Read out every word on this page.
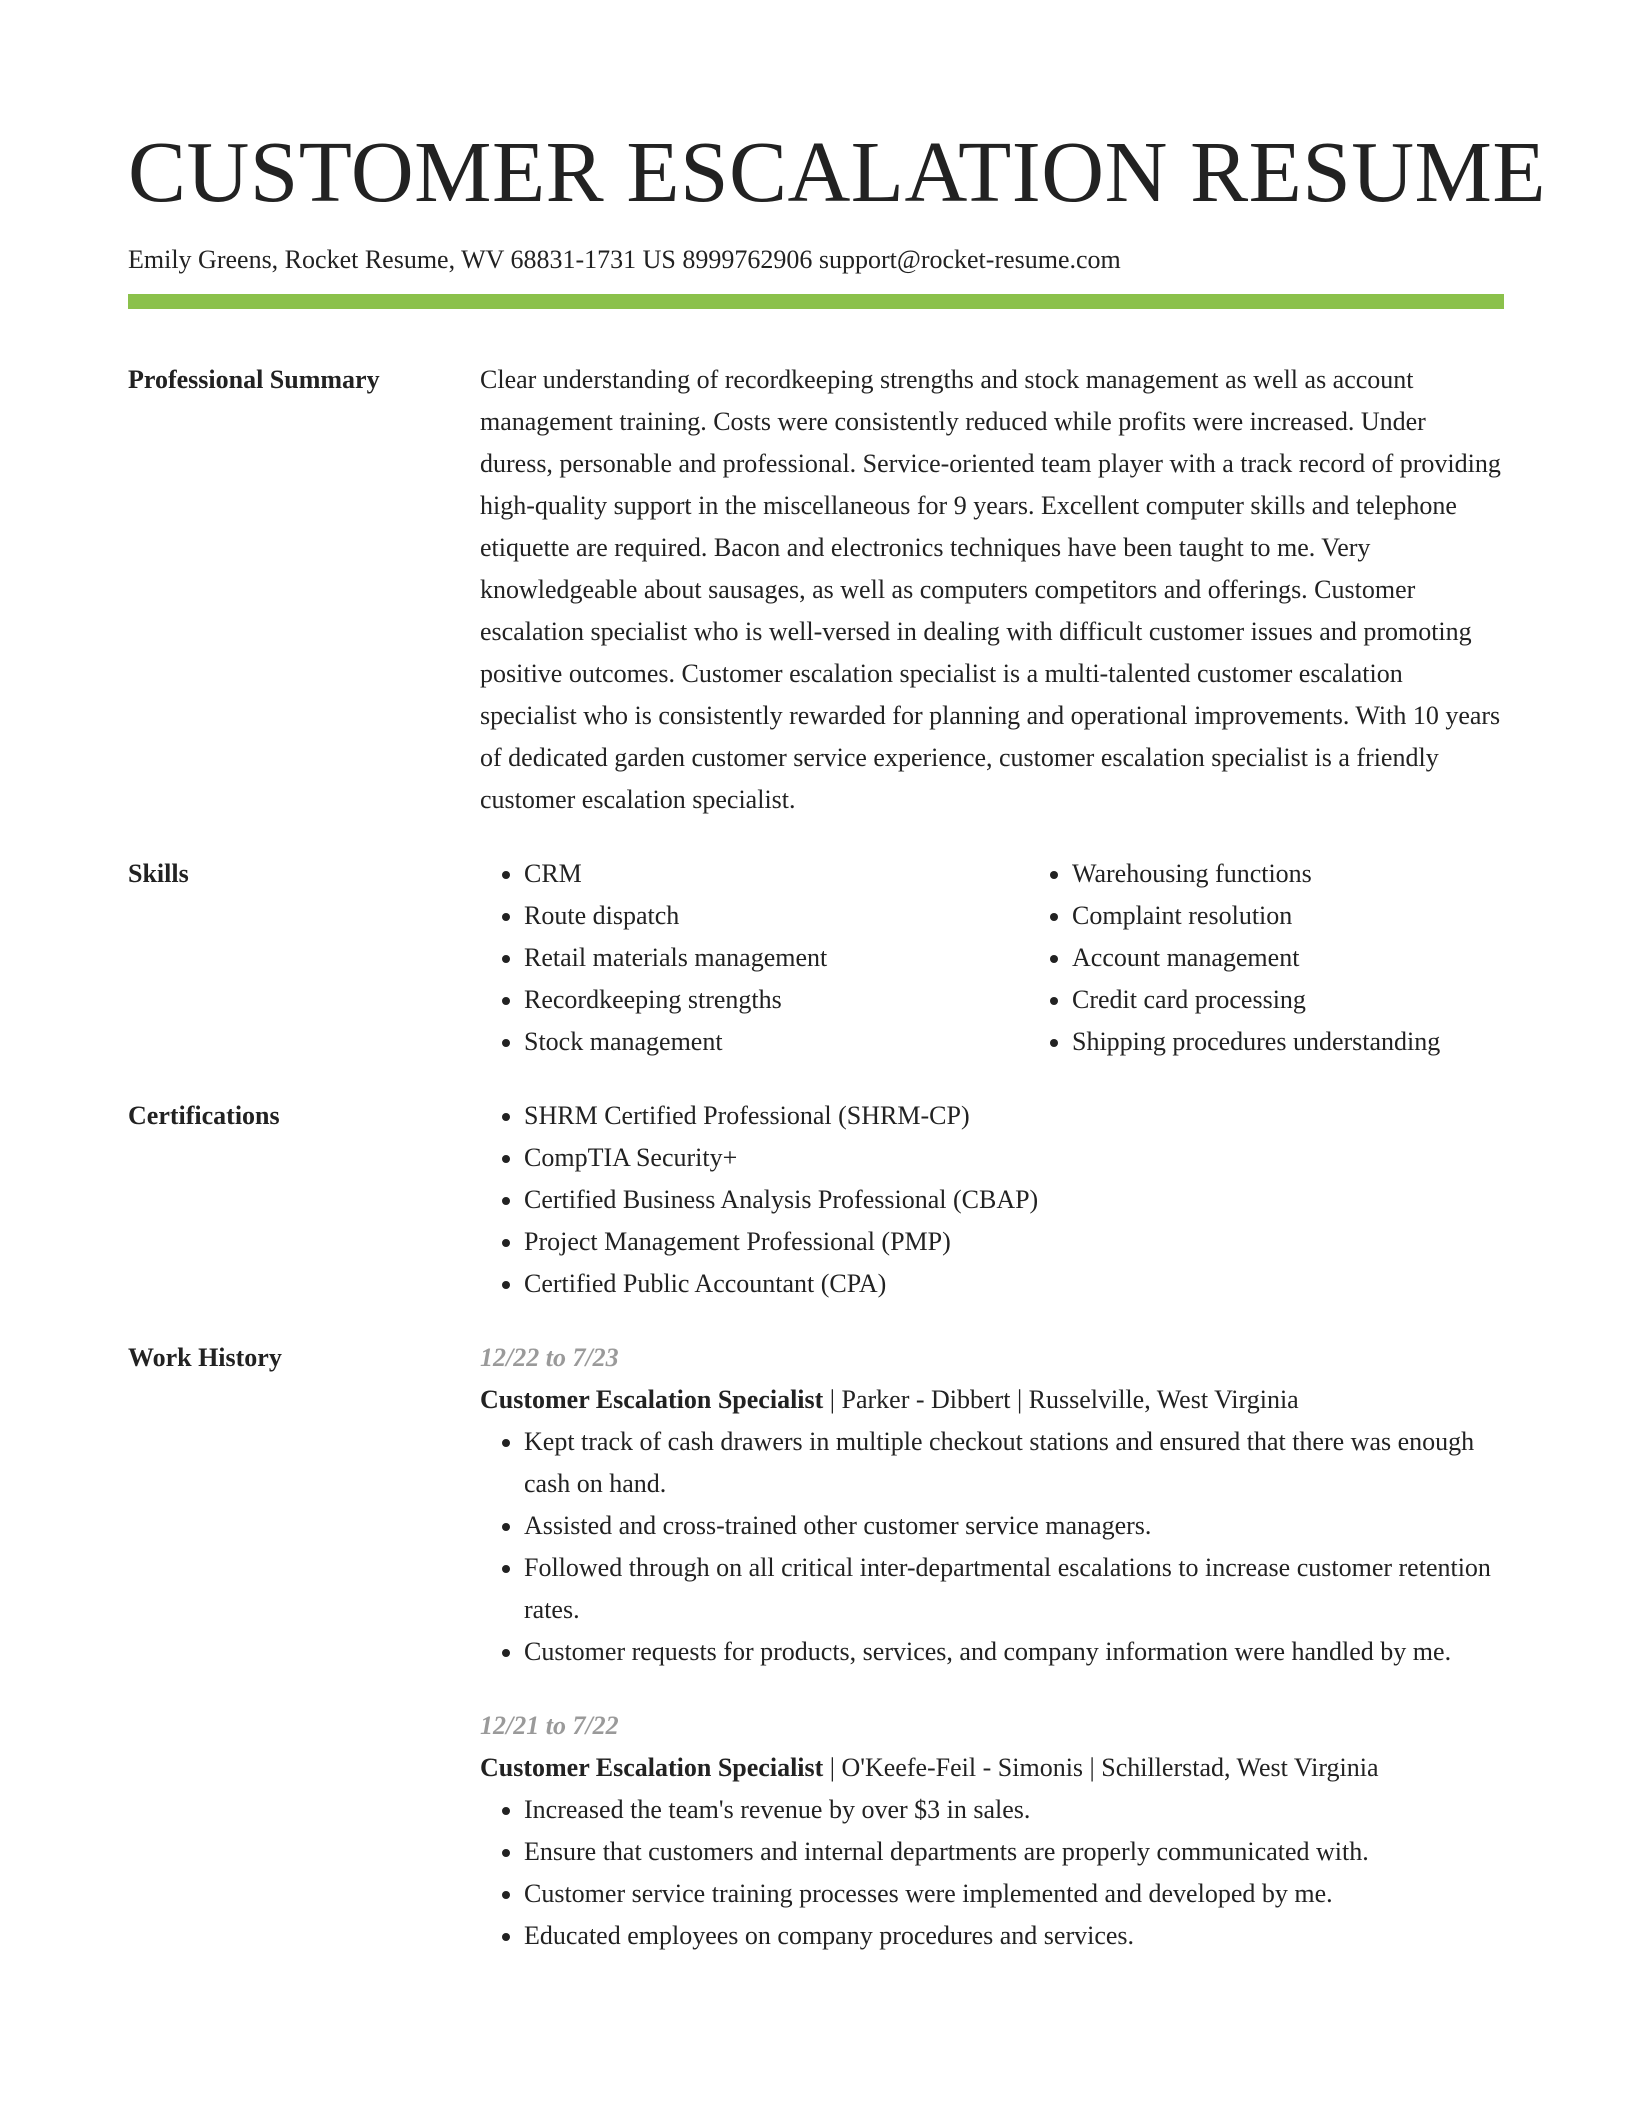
CUSTOMER ESCALATION RESUME
Emily Greens, Rocket Resume, WV 68831-1731 US 8999762906 support@rocket-resume.com
Professional Summary	Clear understanding of recordkeeping strengths and stock management as well as account management training. Costs were consistently reduced while profits were increased. Under duress, personable and professional. Service-oriented team player with a track record of providing high-quality support in the miscellaneous for 9 years. Excellent computer skills and telephone etiquette are required. Bacon and electronics techniques have been taught to me. Very knowledgeable about sausages, as well as computers competitors and offerings. Customer escalation specialist who is well-versed in dealing with difficult customer issues and promoting positive outcomes. Customer escalation specialist is a multi-talented customer escalation specialist who is consistently rewarded for planning and operational improvements. With 10 years of dedicated garden customer service experience, customer escalation specialist is a friendly customer escalation specialist.

Skills	• CRM
• Route dispatch
• Retail materials management
• Recordkeeping strengths
• Stock management
• Warehousing functions
• Complaint resolution
• Account management
• Credit card processing
• Shipping procedures understanding
Certifications	• SHRM Certified Professional (SHRM-CP)
• CompTIA Security+
• Certified Business Analysis Professional (CBAP)
• Project Management Professional (PMP)
• Certified Public Accountant (CPA)
Work History	12/22 to 7/23
Customer Escalation Specialist | Parker - Dibbert | Russelville, West Virginia
• Kept track of cash drawers in multiple checkout stations and ensured that there was enough cash on hand.
• Assisted and cross-trained other customer service managers.
• Followed through on all critical inter-departmental escalations to increase customer retention rates.
• Customer requests for products, services, and company information were handled by me.
12/21 to 7/22
Customer Escalation Specialist | O'Keefe-Feil - Simonis | Schillerstad, West Virginia
• Increased the team's revenue by over $3 in sales.
• Ensure that customers and internal departments are properly communicated with.
• Customer service training processes were implemented and developed by me.
• Educated employees on company procedures and services.
